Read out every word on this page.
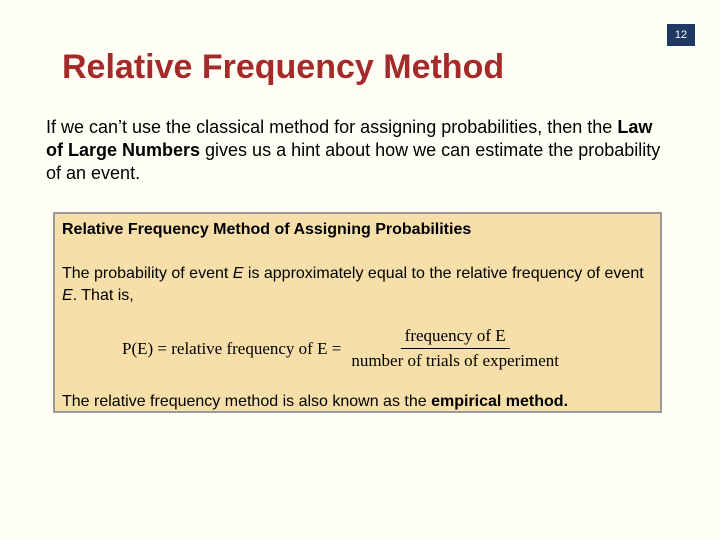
12
Relative Frequency Method
If we can’t use the classical method for assigning probabilities, then the Law of Large Numbers gives us a hint about how we can estimate the probability of an event.
Relative Frequency Method of Assigning Probabilities
The probability of event E is approximately equal to the relative frequency of event E. That is,
P(E) = relative frequency of $E = \frac{\text{frequency of E}}{\text{number of trials of experiment}}$
The relative frequency method is also known as the empirical method.
